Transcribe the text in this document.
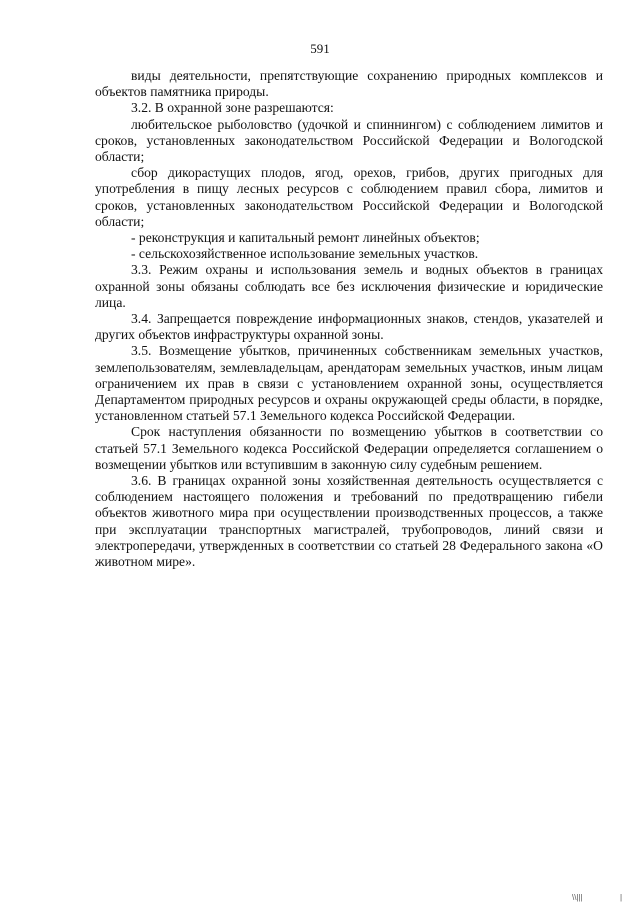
591

виды деятельности, препятствующие сохранению природных комплексов и объектов памятника природы.

3.2. В охранной зоне разрешаются:

любительское рыболовство (удочкой и спиннингом) с соблюдением лимитов и сроков, установленных законодательством Российской Федерации и Вологодской области;

сбор дикорастущих плодов, ягод, орехов, грибов, других пригодных для употребления в пищу лесных ресурсов с соблюдением правил сбора, лимитов и сроков, установленных законодательством Российской Федерации и Вологодской области;

- реконструкция и капитальный ремонт линейных объектов;

- сельскохозяйственное использование земельных участков.

3.3. Режим охраны и использования земель и водных объектов в границах охранной зоны обязаны соблюдать все без исключения физические и юридические лица.

3.4. Запрещается повреждение информационных знаков, стендов, указателей и других объектов инфраструктуры охранной зоны.

3.5. Возмещение убытков, причиненных собственникам земельных участков, землепользователям, землевладельцам, арендаторам земельных участков, иным лицам ограничением их прав в связи с установлением охранной зоны, осуществляется Департаментом природных ресурсов и охраны окружающей среды области, в порядке, установленном статьей 57.1 Земельного кодекса Российской Федерации.

Срок наступления обязанности по возмещению убытков в соответствии со статьей 57.1 Земельного кодекса Российской Федерации определяется соглашением о возмещении убытков или вступившим в законную силу судебным решением.

3.6. В границах охранной зоны хозяйственная деятельность осуществляется с соблюдением настоящего положения и требований по предотвращению гибели объектов животного мира при осуществлении производственных процессов, а также при эксплуатации транспортных магистралей, трубопроводов, линий связи и электропередачи, утвержденных в соответствии со статьей 28 Федерального закона «О животном мире».

\\|||	|
